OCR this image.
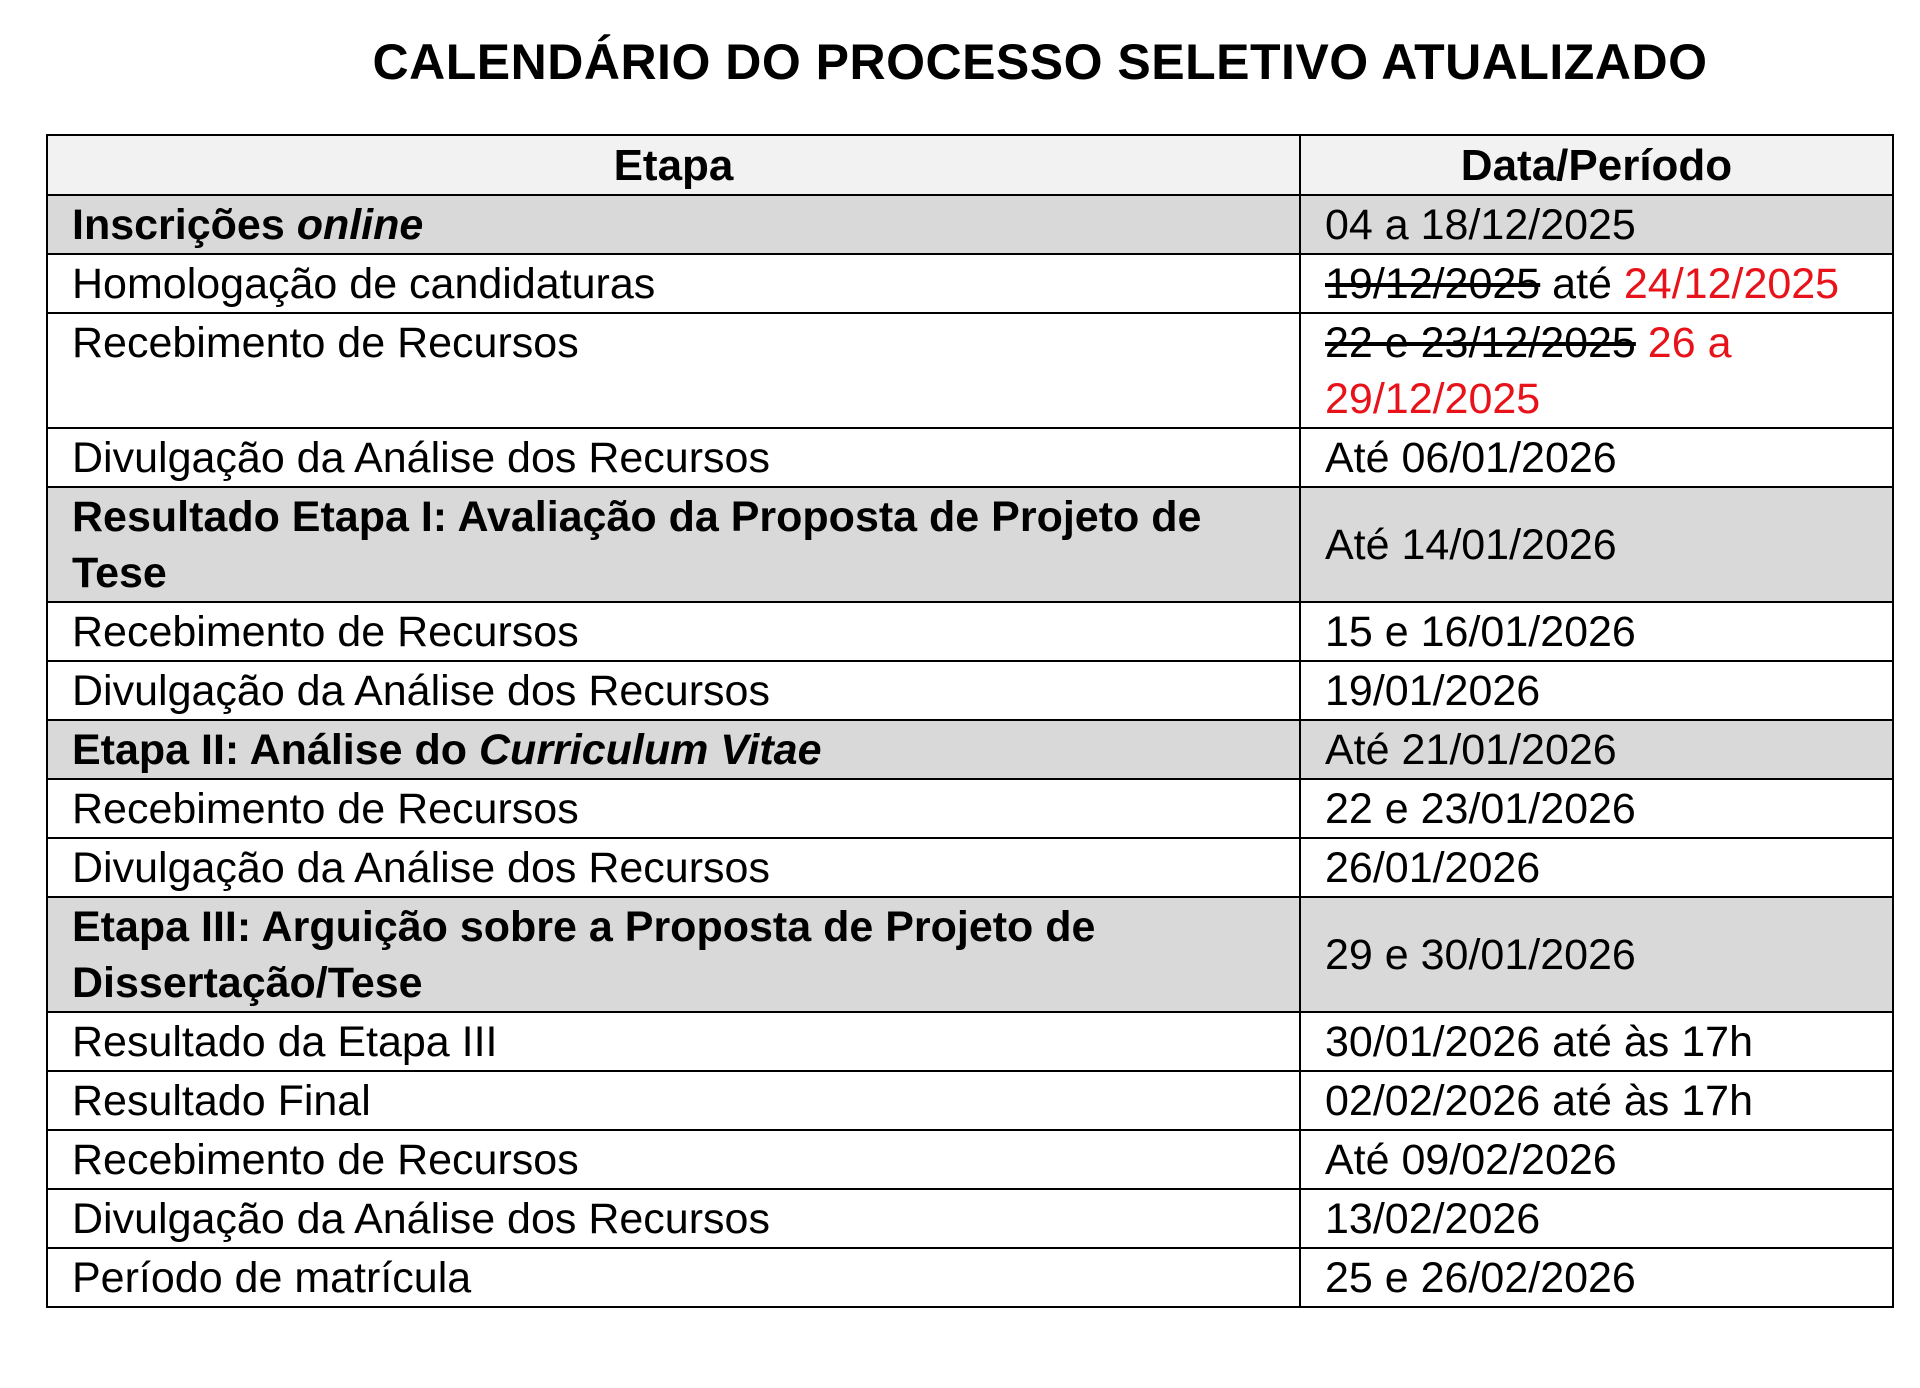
CALENDÁRIO DO PROCESSO SELETIVO ATUALIZADO
Etapa	Data/Período
Inscrições online	04 a 18/12/2025
Homologação de candidaturas	19/12/2025 até 24/12/2025
Recebimento de Recursos	22 e 23/12/2025 26 a 29/12/2025
Divulgação da Análise dos Recursos	Até 06/01/2026
Resultado Etapa I: Avaliação da Proposta de Projeto de Tese	Até 14/01/2026
Recebimento de Recursos	15 e 16/01/2026
Divulgação da Análise dos Recursos	19/01/2026
Etapa II: Análise do Curriculum Vitae	Até 21/01/2026
Recebimento de Recursos	22 e 23/01/2026
Divulgação da Análise dos Recursos	26/01/2026
Etapa III: Arguição sobre a Proposta de Projeto de Dissertação/Tese	29 e 30/01/2026
Resultado da Etapa III	30/01/2026 até às 17h
Resultado Final	02/02/2026 até às 17h
Recebimento de Recursos	Até 09/02/2026
Divulgação da Análise dos Recursos	13/02/2026
Período de matrícula	25 e 26/02/2026
